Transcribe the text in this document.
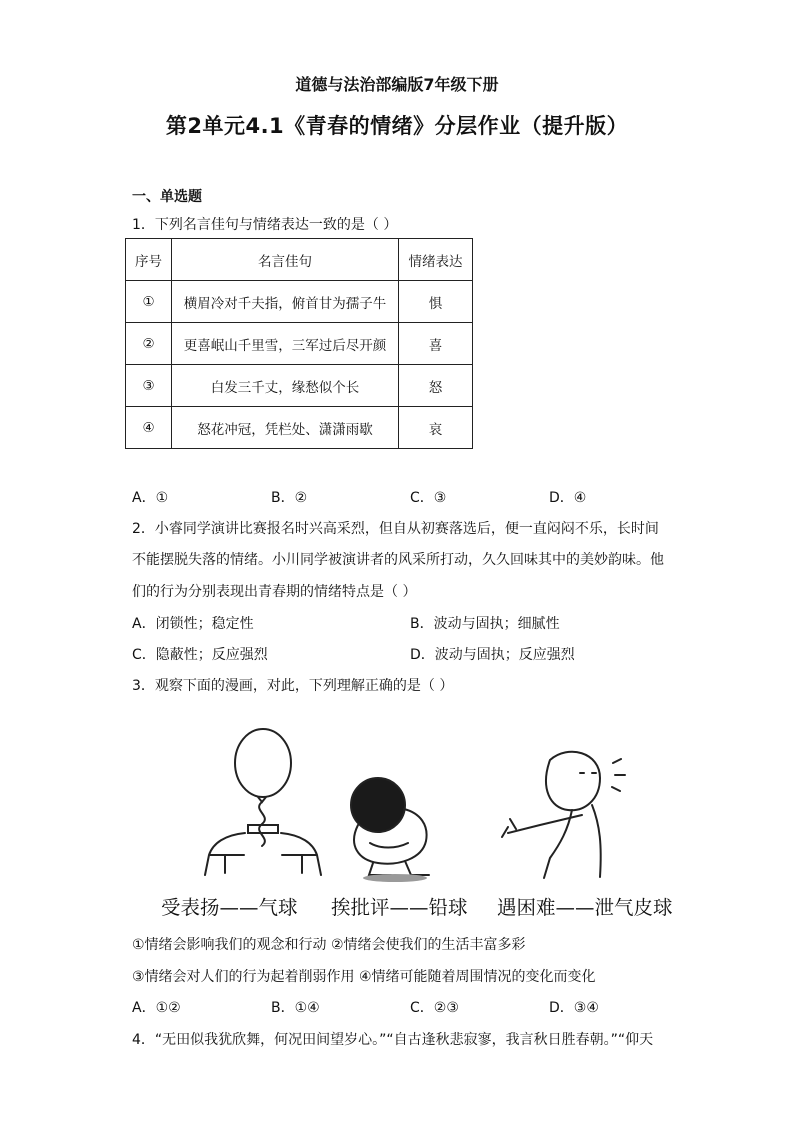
道德与法治部编版7年级下册
第2单元4.1《青春的情绪》分层作业（提升版）
一、单选题
1．下列名言佳句与情绪表达一致的是（ ）
序号	名言佳句	情绪表达
①	横眉冷对千夫指，俯首甘为孺子牛	惧
②	更喜岷山千里雪，三军过后尽开颜	喜
③	白发三千丈，缘愁似个长	怒
④	怒花冲冠，凭栏处、潇潇雨歇	哀
A．①	B．②	C．③	D．④
2．小睿同学演讲比赛报名时兴高采烈，但自从初赛落选后，便一直闷闷不乐，长时间
不能摆脱失落的情绪。小川同学被演讲者的风采所打动，久久回味其中的美妙韵味。他
们的行为分别表现出青春期的情绪特点是（ ）
A．闭锁性；稳定性	B．波动与固执；细腻性
C．隐蔽性；反应强烈	D．波动与固执；反应强烈
3．观察下面的漫画，对此，下列理解正确的是（ ）
受表扬——气球 挨批评——铅球 遇困难——泄气皮球
①情绪会影响我们的观念和行动 ②情绪会使我们的生活丰富多彩
③情绪会对人们的行为起着削弱作用 ④情绪可能随着周围情况的变化而变化
A．①②	B．①④	C．②③	D．③④
4．“无田似我犹欣舞，何况田间望岁心。”“自古逢秋悲寂寥，我言秋日胜春朝。”“仰天
